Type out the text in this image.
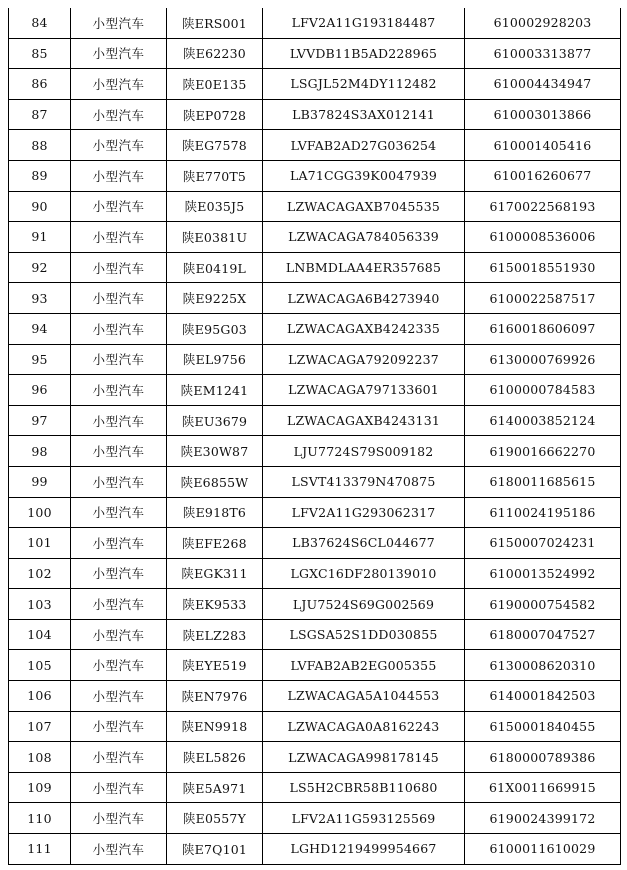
84	小型汽车	陕ERS001	LFV2A11G193184487	610002928203
85	小型汽车	陕E62230	LVVDB11B5AD228965	610003313877
86	小型汽车	陕E0E135	LSGJL52M4DY112482	610004434947
87	小型汽车	陕EP0728	LB37824S3AX012141	610003013866
88	小型汽车	陕EG7578	LVFAB2AD27G036254	610001405416
89	小型汽车	陕E770T5	LA71CGG39K0047939	610016260677
90	小型汽车	陕E035J5	LZWACAGAXB7045535	6170022568193
91	小型汽车	陕E0381U	LZWACAGA784056339	6100008536006
92	小型汽车	陕E0419L	LNBMDLAA4ER357685	6150018551930
93	小型汽车	陕E9225X	LZWACAGA6B4273940	6100022587517
94	小型汽车	陕E95G03	LZWACAGAXB4242335	6160018606097
95	小型汽车	陕EL9756	LZWACAGA792092237	6130000769926
96	小型汽车	陕EM1241	LZWACAGA797133601	6100000784583
97	小型汽车	陕EU3679	LZWACAGAXB4243131	6140003852124
98	小型汽车	陕E30W87	LJU7724S79S009182	6190016662270
99	小型汽车	陕E6855W	LSVT413379N470875	6180011685615
100	小型汽车	陕E918T6	LFV2A11G293062317	6110024195186
101	小型汽车	陕EFE268	LB37624S6CL044677	6150007024231
102	小型汽车	陕EGK311	LGXC16DF280139010	6100013524992
103	小型汽车	陕EK9533	LJU7524S69G002569	6190000754582
104	小型汽车	陕ELZ283	LSGSA52S1DD030855	6180007047527
105	小型汽车	陕EYE519	LVFAB2AB2EG005355	6130008620310
106	小型汽车	陕EN7976	LZWACAGA5A1044553	6140001842503
107	小型汽车	陕EN9918	LZWACAGA0A8162243	6150001840455
108	小型汽车	陕EL5826	LZWACAGA998178145	6180000789386
109	小型汽车	陕E5A971	LS5H2CBR58B110680	61X0011669915
110	小型汽车	陕E0557Y	LFV2A11G593125569	6190024399172
111	小型汽车	陕E7Q101	LGHD1219499954667	6100011610029
